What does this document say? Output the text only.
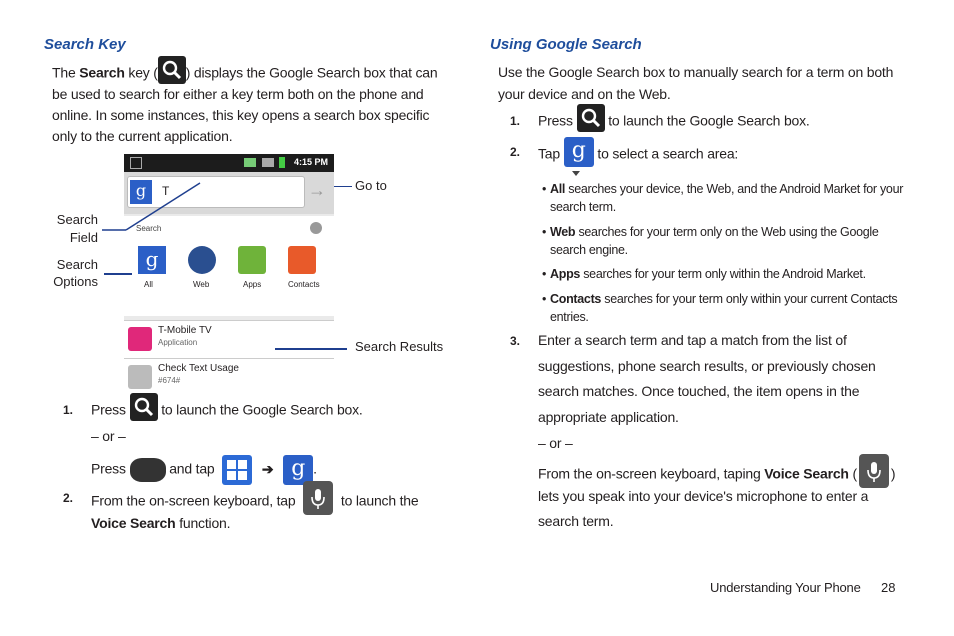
Search Key
The Search key ( ) displays the Google Search box that can
be used to search for either a key term both on the phone and
online. In some instances, this key opens a search box specific
only to the current application.
4:15 PM
g	T	→
Search
g
All	Web	Apps	Contacts
T-Mobile TV
Application
Check Text Usage
#674#
Go to
Search
Field
Search
Options
Search Results
1. Press	to launch the Google Search box.
– or –
Press	and tap	➔ g .
2. From the on-screen keyboard, tap	to launch the
Voice Search function.
Using Google Search
Use the Google Search box to manually search for a term on both
your device and on the Web.
1. Press	to launch the Google Search box.
2. Tap g to select a search area:
• All searches your device, the Web, and the Android Market for your
search term.
• Web searches for your term only on the Web using the Google
search engine.
• Apps searches for your term only within the Android Market.
• Contacts searches for your term only within your current Contacts
entries.
3. Enter a search term and tap a match from the list of
suggestions, phone search results, or previously chosen
search matches. Once touched, the item opens in the
appropriate application.
– or –
From the on-screen keyboard, taping Voice Search ( )
lets you speak into your device's microphone to enter a
search term.
Understanding Your Phone 28
